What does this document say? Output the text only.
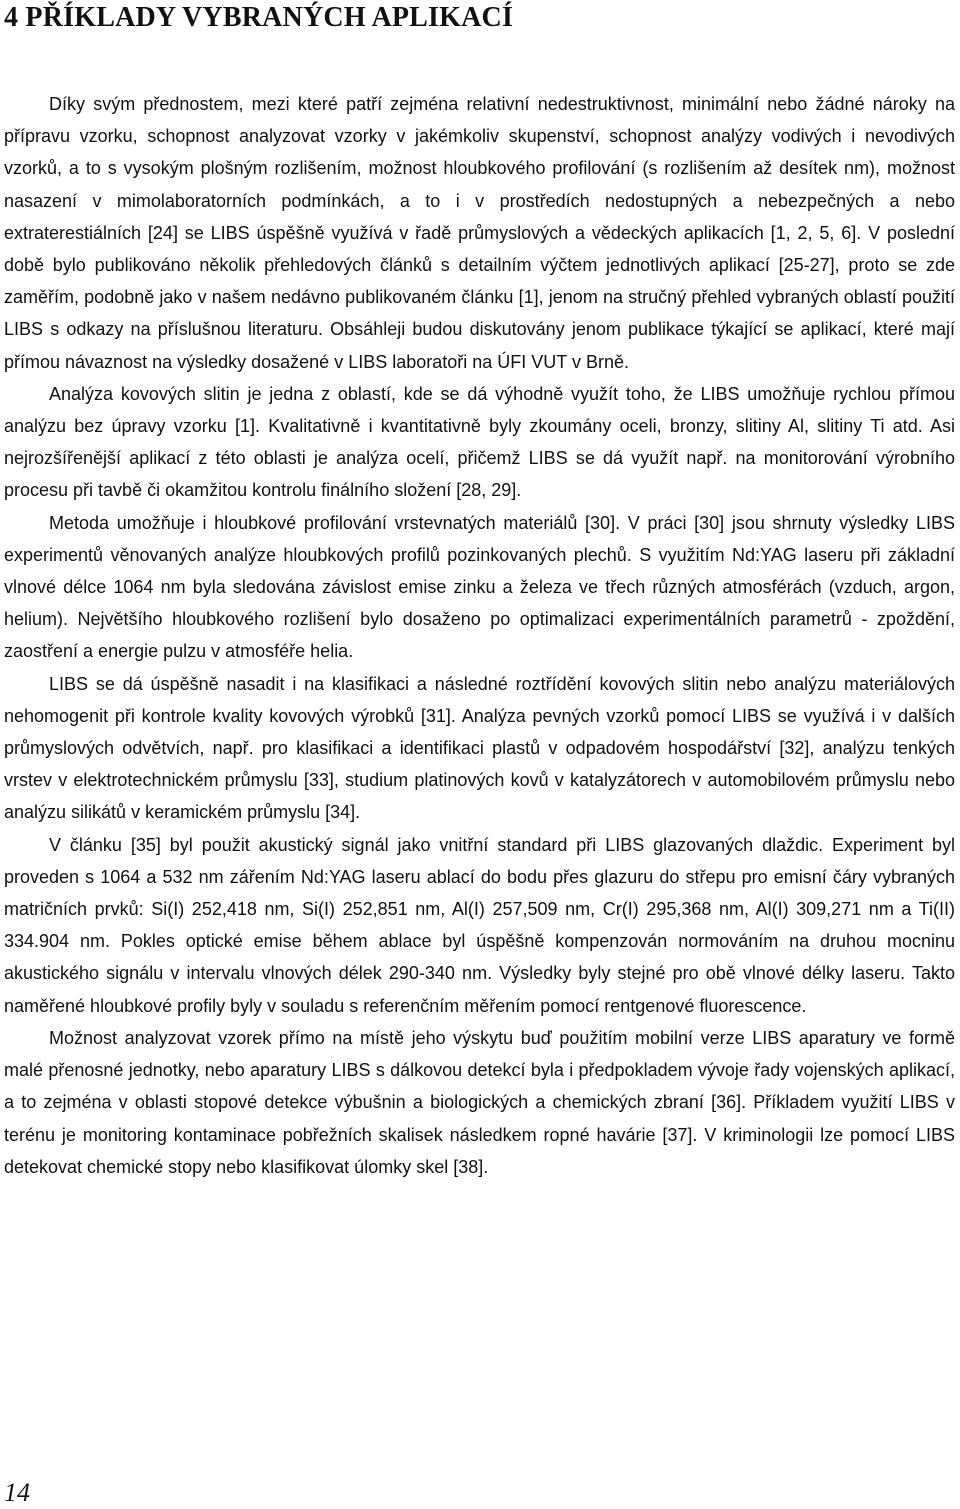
4 PŘÍKLADY VYBRANÝCH APLIKACÍ

Díky svým přednostem, mezi které patří zejména relativní nedestruktivnost, minimální nebo žádné nároky na přípravu vzorku, schopnost analyzovat vzorky v jakémkoliv skupenství, schopnost analýzy vodivých i nevodivých vzorků, a to s vysokým plošným rozlišením, možnost hloubkového profilování (s rozlišením až desítek nm), možnost nasazení v mimolaboratorních podmínkách, a to i v prostředích nedostupných a nebezpečných a nebo extraterestiálních [24] se LIBS úspěšně využívá v řadě průmyslových a vědeckých aplikacích [1, 2, 5, 6]. V poslední době bylo publikováno několik přehledových článků s detailním výčtem jednotlivých aplikací [25-27], proto se zde zaměřím, podobně jako v našem nedávno publikovaném článku [1], jenom na stručný přehled vybraných oblastí použití LIBS s odkazy na příslušnou literaturu. Obsáhleji budou diskutovány jenom publikace týkající se aplikací, které mají přímou návaznost na výsledky dosažené v LIBS laboratoři na ÚFI VUT v Brně.

Analýza kovových slitin je jedna z oblastí, kde se dá výhodně využít toho, že LIBS umožňuje rychlou přímou analýzu bez úpravy vzorku [1]. Kvalitativně i kvantitativně byly zkoumány oceli, bronzy, slitiny Al, slitiny Ti atd. Asi nejrozšířenější aplikací z této oblasti je analýza ocelí, přičemž LIBS se dá využít např. na monitorování výrobního procesu při tavbě či okamžitou kontrolu finálního složení [28, 29].

Metoda umožňuje i hloubkové profilování vrstevnatých materiálů [30]. V práci [30] jsou shrnuty výsledky LIBS experimentů věnovaných analýze hloubkových profilů pozinkovaných plechů. S využitím Nd:YAG laseru při základní vlnové délce 1064 nm byla sledována závislost emise zinku a železa ve třech různých atmosférách (vzduch, argon, helium). Největšího hloubkového rozlišení bylo dosaženo po optimalizaci experimentálních parametrů - zpoždění, zaostření a energie pulzu v atmosféře helia.

LIBS se dá úspěšně nasadit i na klasifikaci a následné roztřídění kovových slitin nebo analýzu materiálových nehomogenit při kontrole kvality kovových výrobků [31]. Analýza pevných vzorků pomocí LIBS se využívá i v dalších průmyslových odvětvích, např. pro klasifikaci a identifikaci plastů v odpadovém hospodářství [32], analýzu tenkých vrstev v elektrotechnickém průmyslu [33], studium platinových kovů v katalyzátorech v automobilovém průmyslu nebo analýzu silikátů v keramickém průmyslu [34].

V článku [35] byl použit akustický signál jako vnitřní standard při LIBS glazovaných dlaždic. Experiment byl proveden s 1064 a 532 nm zářením Nd:YAG laseru ablací do bodu přes glazuru do střepu pro emisní čáry vybraných matričních prvků: Si(I) 252,418 nm, Si(I) 252,851 nm, Al(I) 257,509 nm, Cr(I) 295,368 nm, Al(I) 309,271 nm a Ti(II) 334.904 nm. Pokles optické emise během ablace byl úspěšně kompenzován normováním na druhou mocninu akustického signálu v intervalu vlnových délek 290-340 nm. Výsledky byly stejné pro obě vlnové délky laseru. Takto naměřené hloubkové profily byly v souladu s referenčním měřením pomocí rentgenové fluorescence.

Možnost analyzovat vzorek přímo na místě jeho výskytu buď použitím mobilní verze LIBS aparatury ve formě malé přenosné jednotky, nebo aparatury LIBS s dálkovou detekcí byla i předpokladem vývoje řady vojenských aplikací, a to zejména v oblasti stopové detekce výbušnin a biologických a chemických zbraní [36]. Příkladem využití LIBS v terénu je monitoring kontaminace pobřežních skalisek následkem ropné havárie [37]. V kriminologii lze pomocí LIBS detekovat chemické stopy nebo klasifikovat úlomky skel [38].

14
